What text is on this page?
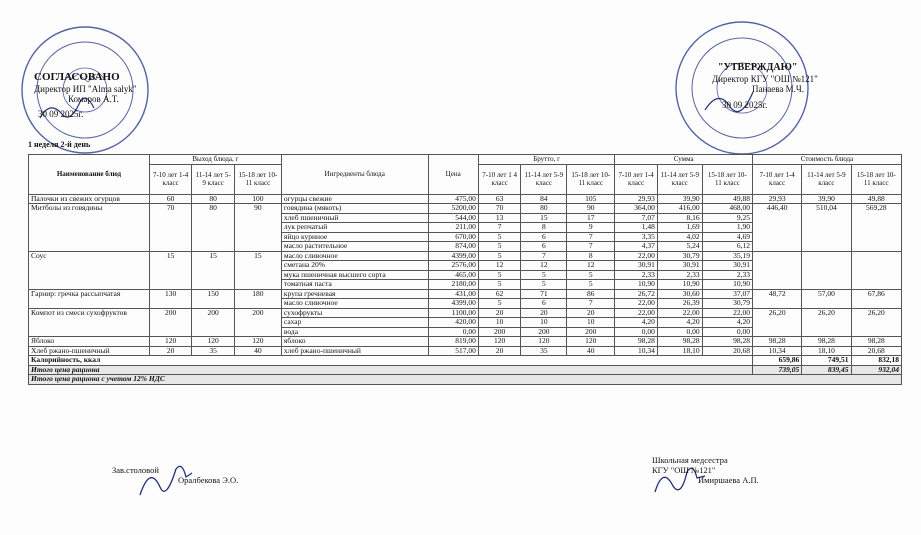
СОГЛАСОВАНО
Директор ИП "Alma salyk"
Комаров А.Т.
30 09 2025г.
1 неделя 2-й день
"УТВЕРЖДАЮ"
Директор КГУ "ОШ №121"
Панаева М.Ч.
30 09 2025г.
Наименование блюд	Выход блюда, г			Ингредиенты блюда	Цена	Брутто, г			Сумма			Стоимость блюда		
	7-10 лет 1-4 класс	11-14 лет 5-9 класс	15-18 лет 10-11 класс			7-10 лет 1 4 класс	11-14 лет 5-9 класс	15-18 лет 10-11 класс	7-10 лет 1-4 класс	11-14 лет 5-9 класс	15-18 лет 10-11 класс	7-10 лет 1-4 класс	11-14 лет 5-9 класс	15-18 лет 10-11 класс
Палочки из свежих огурцов	60	80	100	огурцы свежие	475,00	63	84	105	29,93	39,90	49,88	29,93	39,90	49,88
Митболы из говядины	70	80	90	говядина (мякоть)	5200,00	70	80	90	364,00	416,00	468,00	446,40	510,04	569,28
				хлеб пшеничный	544,00	13	15	17	7,07	8,16	9,25			
				лук репчатый	211,00	7	8	9	1,48	1,69	1,90			
				яйцо куриное	670,00	5	6	7	3,35	4,02	4,69			
				масло растительное	874,00	5	6	7	4,37	5,24	6,12			
Соус	15	15	15	масло сливочное	4399,00	5	7	8	22,00	30,79	35,19			
				сметана 20%	2576,00	12	12	12	30,91	30,91	30,91			
				мука пшеничная высшего сорта	465,00	5	5	5	2,33	2,33	2,33			
				томатная паста	2180,00	5	5	5	10,90	10,90	10,90			
Гарнир: гречка рассыпчатая	130	150	180	крупа гречневая	431,00	62	71	86	26,72	30,60	37,07	48,72	57,00	67,86
				масло сливочное	4399,00	5	6	7	22,00	26,39	30,79			
Компот из смеси сухофруктов	200	200	200	сухофрукты	1100,00	20	20	20	22,00	22,00	22,00	26,20	26,20	26,20
				сахар	420,00	10	10	10	4,20	4,20	4,20			
				вода	0,00	200	200	200	0,00	0,00	0,00			
Яблоко	120	120	120	яблоко	819,00	120	120	120	98,28	98,28	98,28	98,28	98,28	98,28
Хлеб ржано-пшеничный	20	35	40	хлеб ржано-пшеничный	517,00	20	35	40	10,34	18,10	20,68	10,34	18,10	20,68
Калорийность, ккал												659,86	749,51	832,18
Итого цена рациона												739,05	839,45	932,04
Итого цена рациона с учетом 12% НДС														
Зав.столовой
Оралбекова Э.О.
Школьная медсестра
КГУ "ОШ №121"
Имиршаева А.П.
